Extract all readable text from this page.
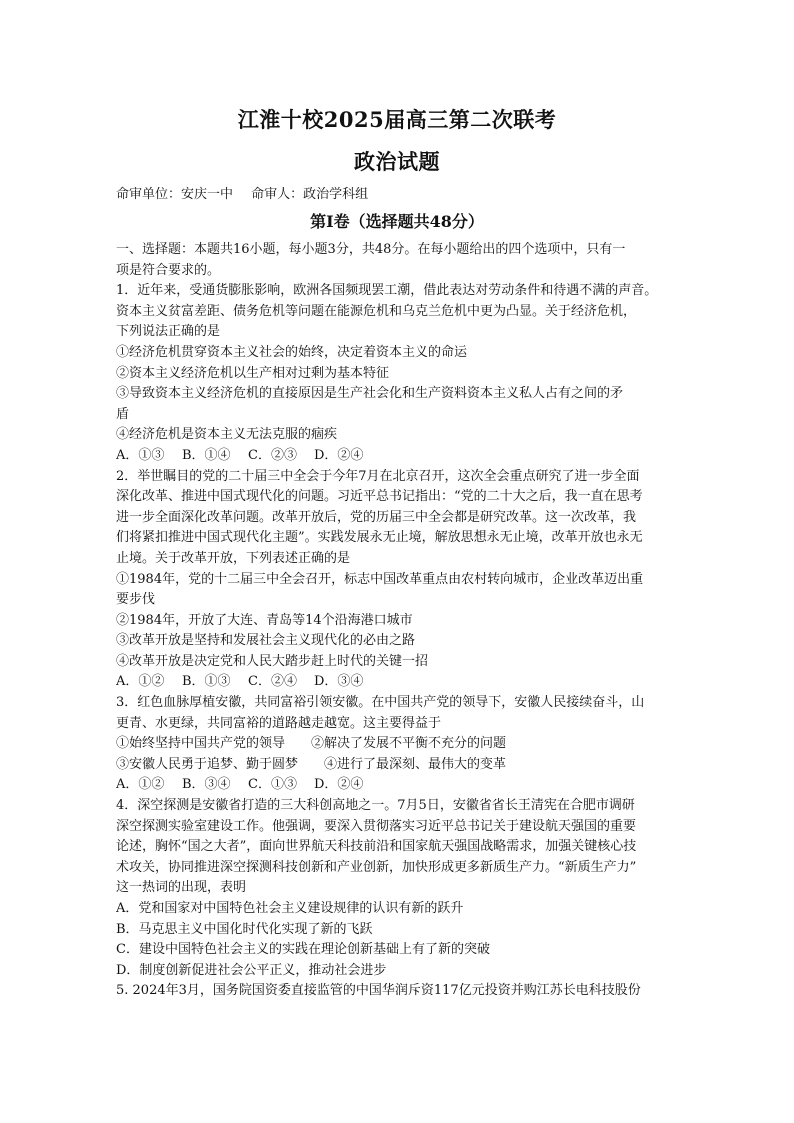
江淮十校2025届高三第二次联考
政治试题
命审单位：安庆一中 命审人：政治学科组
第Ⅰ卷（选择题共48分）

一、选择题：本题共16小题，每小题3分，共48分。在每小题给出的四个选项中，只有一

项是符合要求的。

1．近年来，受通货膨胀影响，欧洲各国频现罢工潮，借此表达对劳动条件和待遇不满的声音。

资本主义贫富差距、债务危机等问题在能源危机和乌克兰危机中更为凸显。关于经济危机，

下列说法正确的是

①经济危机贯穿资本主义社会的始终，决定着资本主义的命运

②资本主义经济危机以生产相对过剩为基本特征

③导致资本主义经济危机的直接原因是生产社会化和生产资料资本主义私人占有之间的矛

盾

④经济危机是资本主义无法克服的痼疾

A．①③ B．①④ C．②③ D．②④

2．举世瞩目的党的二十届三中全会于今年7月在北京召开，这次全会重点研究了进一步全面

深化改革、推进中国式现代化的问题。习近平总书记指出：“党的二十大之后，我一直在思考

进一步全面深化改革问题。改革开放后，党的历届三中全会都是研究改革。这一次改革，我

们将紧扣推进中国式现代化主题”。实践发展永无止境，解放思想永无止境，改革开放也永无

止境。关于改革开放，下列表述正确的是

①1984年，党的十二届三中全会召开，标志中国改革重点由农村转向城市，企业改革迈出重

要步伐

②1984年，开放了大连、青岛等14个沿海港口城市

③改革开放是坚持和发展社会主义现代化的必由之路

④改革开放是决定党和人民大踏步赶上时代的关键一招

A．①② B．①③ C．②④ D．③④

3．红色血脉厚植安徽，共同富裕引领安徽。在中国共产党的领导下，安徽人民接续奋斗，山

更青、水更绿，共同富裕的道路越走越宽。这主要得益于

①始终坚持中国共产党的领导　　②解决了发展不平衡不充分的问题

③安徽人民勇于追梦、勤于圆梦　　④进行了最深刻、最伟大的变革

A．①② B．③④ C．①③ D．②④

4．深空探测是安徽省打造的三大科创高地之一。7月5日，安徽省省长王清宪在合肥市调研

深空探测实验室建设工作。他强调，要深入贯彻落实习近平总书记关于建设航天强国的重要

论述，胸怀“国之大者”，面向世界航天科技前沿和国家航天强国战略需求，加强关键核心技

术攻关，协同推进深空探测科技创新和产业创新，加快形成更多新质生产力。“新质生产力”

这一热词的出现，表明

A．党和国家对中国特色社会主义建设规律的认识有新的跃升

B．马克思主义中国化时代化实现了新的飞跃

C．建设中国特色社会主义的实践在理论创新基础上有了新的突破

D．制度创新促进社会公平正义，推动社会进步

5. 2024年3月，国务院国资委直接监管的中国华润斥资117亿元投资并购江苏长电科技股份
